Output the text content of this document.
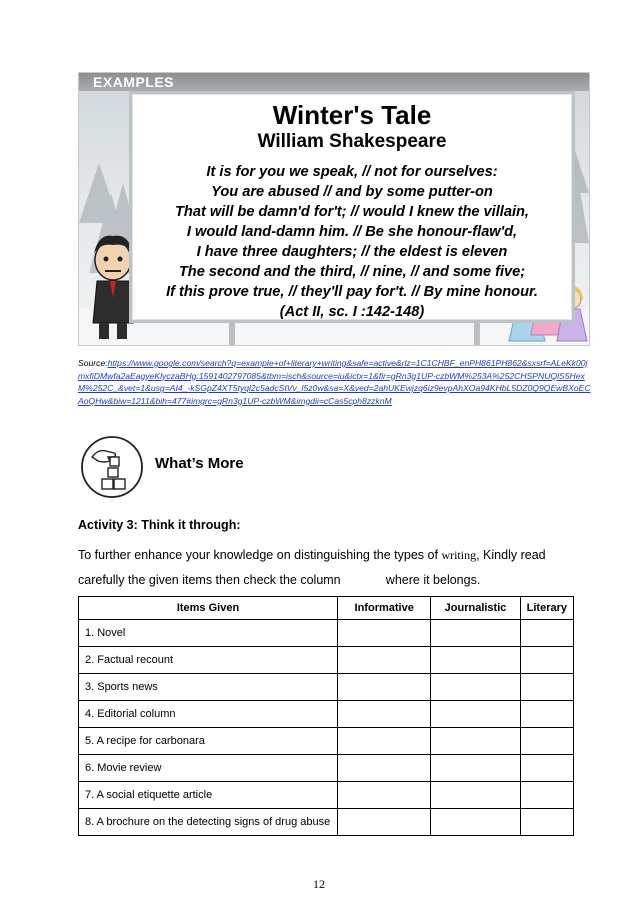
EXAMPLES
Winter's Tale
William Shakespeare
It is for you we speak, // not for ourselves:
You are abused // and by some putter-on
That will be damn'd for't; // would I knew the villain,
I would land-damn him. // Be she honour-flaw'd,
I have three daughters; // the eldest is eleven
The second and the third, // nine, // and some five;
If this prove true, // they'll pay for't. // By mine honour.
(Act II, sc. I :142-148)
Source:https://www.google.com/search?q=example+of+literary+writing&safe=active&rlz=1C1CHBF_enPH861PH862&sxsrf=ALeKk00jmxfiDMwfa2aEagyeKlyczaBHg:1591402797085&tbm=isch&source=iu&ictx=1&fir=gRn3g1UP-czbWM%253A%252CHSPNUQlS5HexM%252C_&vet=1&usg=AI4_-kSGpZ4XT5tyql2c5adcStVv_l5z0w&sa=X&ved=2ahUKEwjzq6iz9evpAhXOa94KHbL5DZ0Q9QEwBXoECAoQHw&biw=1211&bih=477#imgrc=gRn3g1UP-czbWM&imgdii=cCas5cph8zzknM
What’s More
Activity 3: Think it through:
To further enhance your knowledge on distinguishing the types of writing, Kindly read
carefully the given items then check the column	where it belongs.
Items Given	Informative	Journalistic	Literary
1. Novel			
2. Factual recount			
3. Sports news			
4. Editorial column			
5. A recipe for carbonara			
6. Movie review			
7. A social etiquette article			
8. A brochure on the detecting signs of drug abuse			
12
